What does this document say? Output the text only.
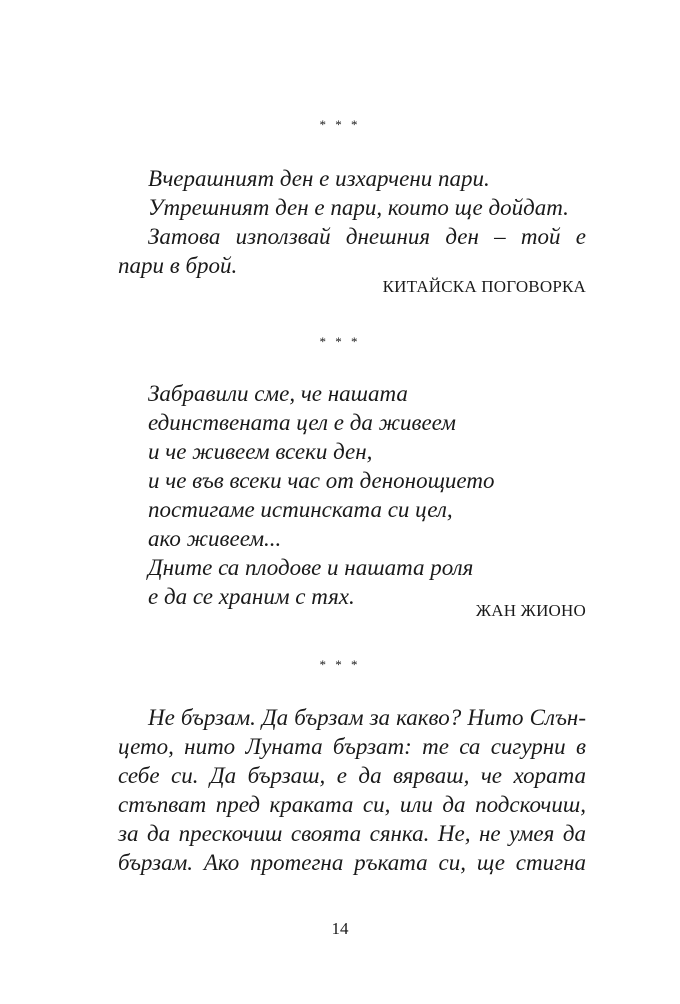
* * *
Вчерашният ден е изхарчени пари.
Утрешният ден е пари, които ще дойдат.
Затова използвай днешния ден – той е
пари в брой.
КИТАЙСКА ПОГОВОРКА
* * *
Забравили сме, че нашата
единствената цел е да живеем
и че живеем всеки ден,
и че във всеки час от денонощието
постигаме истинската си цел,
ако живеем...
Дните са плодове и нашата роля
е да се храним с тях.
ЖАН ЖИОНО
* * *
Не бързам. Да бързам за какво? Нито Слън-
цето, нито Луната бързат: те са сигурни в
себе си. Да бързаш, е да вярваш, че хората
стъпват пред краката си, или да подскочиш,
за да прескочиш своята сянка. Не, не умея да
бързам. Ако протегна ръката си, ще стигна
14
